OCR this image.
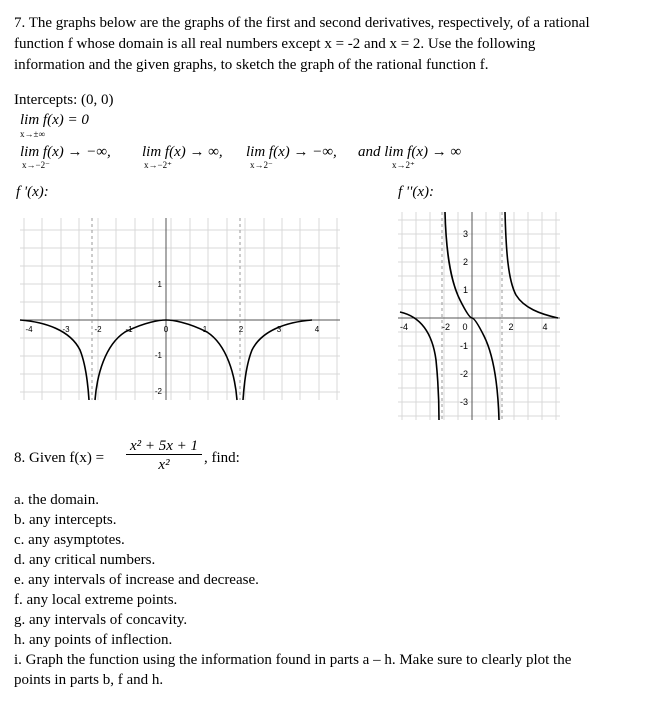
7. The graphs below are the graphs of the first and second derivatives, respectively, of a rational
function f whose domain is all real numbers except x = -2 and x = 2. Use the following
information and the given graphs, to sketch the graph of the rational function f.
Intercepts: (0, 0)
lim f(x) = 0
x→±∞
lim f(x) → −∞,
x→−2⁻
lim f(x) → ∞,
x→−2⁺
lim f(x) → −∞,
x→2⁻
and lim f(x) → ∞
x→2⁺
f '(x):	f ''(x):
-4	-3	-2	-1	0	1	2	3	4
1
-1
-2
-4	-2 0	2	4
3
2
1
-1
-2
-3
8. Given f(x) =
x² + 5x + 1
x²	, find:
a. the domain.
b. any intercepts.
c. any asymptotes.
d. any critical numbers.
e. any intervals of increase and decrease.
f. any local extreme points.
g. any intervals of concavity.
h. any points of inflection.
i. Graph the function using the information found in parts a – h. Make sure to clearly plot the
points in parts b, f and h.
